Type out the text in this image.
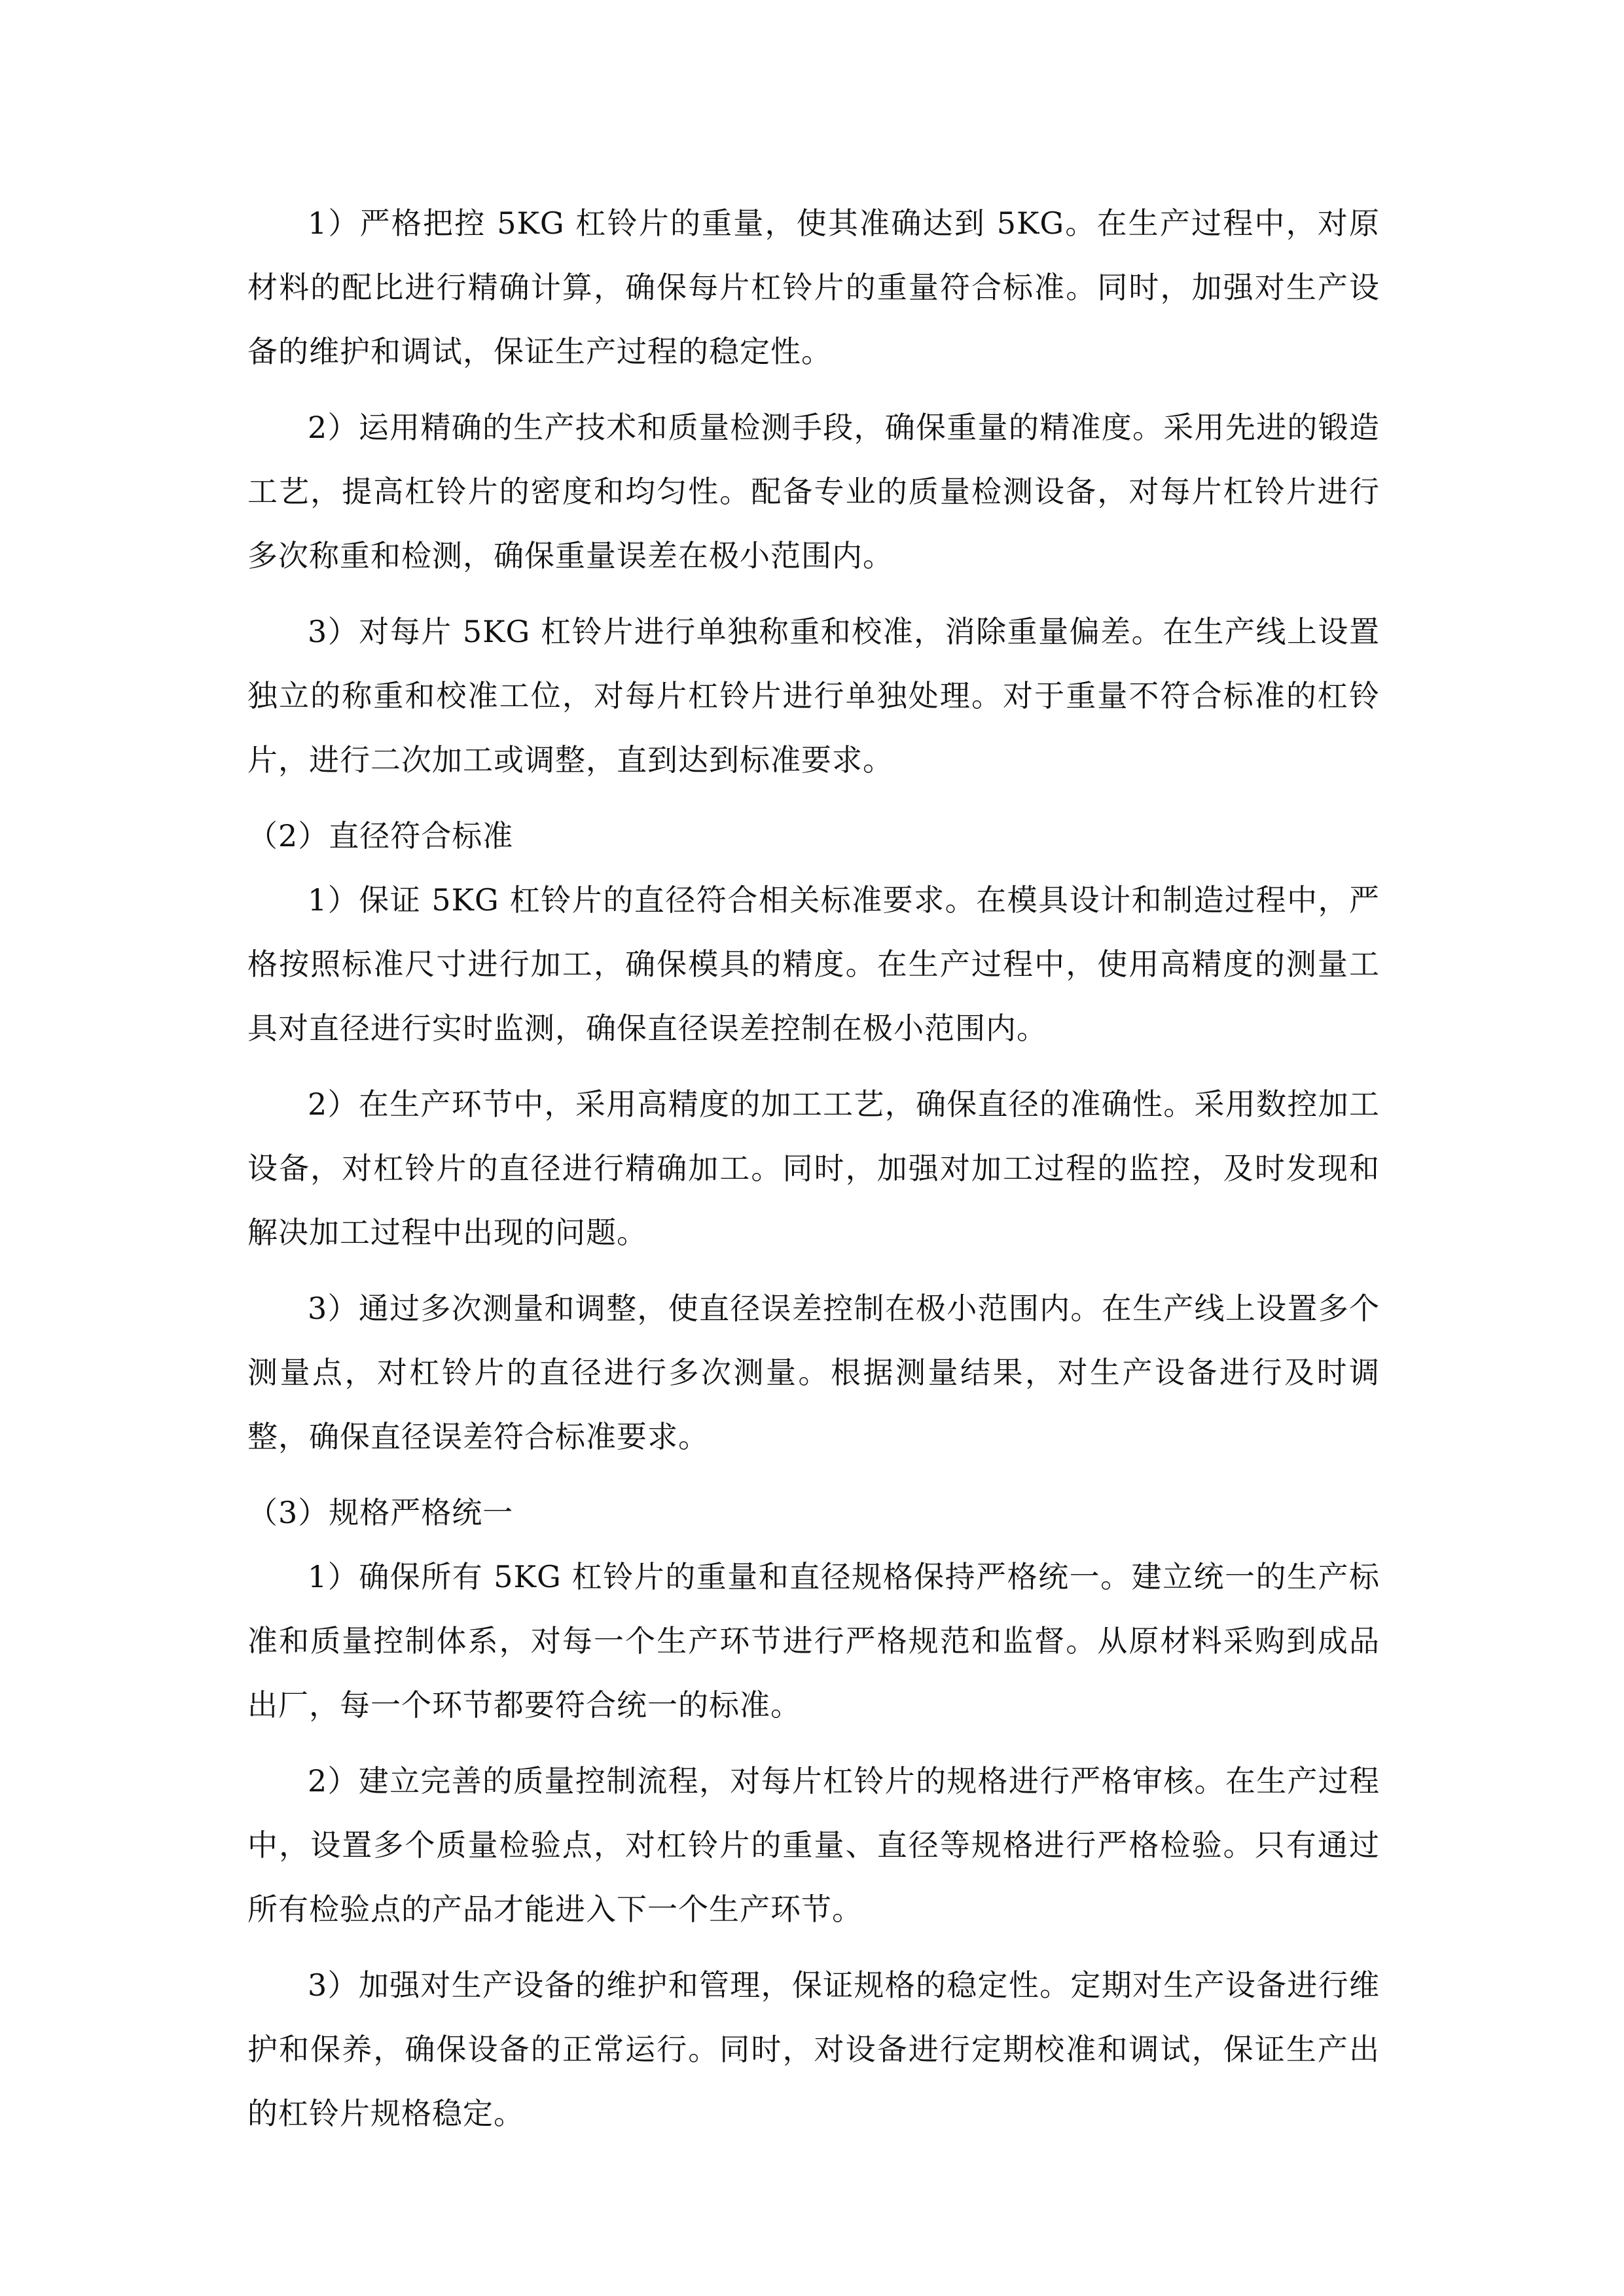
1）严格把控 5KG 杠铃片的重量，使其准确达到 5KG。在生产过程中，对原材料的配比进行精确计算，确保每片杠铃片的重量符合标准。同时，加强对生产设备的维护和调试，保证生产过程的稳定性。

2）运用精确的生产技术和质量检测手段，确保重量的精准度。采用先进的锻造工艺，提高杠铃片的密度和均匀性。配备专业的质量检测设备，对每片杠铃片进行多次称重和检测，确保重量误差在极小范围内。

3）对每片 5KG 杠铃片进行单独称重和校准，消除重量偏差。在生产线上设置独立的称重和校准工位，对每片杠铃片进行单独处理。对于重量不符合标准的杠铃片，进行二次加工或调整，直到达到标准要求。

（2）直径符合标准

1）保证 5KG 杠铃片的直径符合相关标准要求。在模具设计和制造过程中，严格按照标准尺寸进行加工，确保模具的精度。在生产过程中，使用高精度的测量工具对直径进行实时监测，确保直径误差控制在极小范围内。

2）在生产环节中，采用高精度的加工工艺，确保直径的准确性。采用数控加工设备，对杠铃片的直径进行精确加工。同时，加强对加工过程的监控，及时发现和解决加工过程中出现的问题。

3）通过多次测量和调整，使直径误差控制在极小范围内。在生产线上设置多个测量点，对杠铃片的直径进行多次测量。根据测量结果，对生产设备进行及时调整，确保直径误差符合标准要求。

（3）规格严格统一

1）确保所有 5KG 杠铃片的重量和直径规格保持严格统一。建立统一的生产标准和质量控制体系，对每一个生产环节进行严格规范和监督。从原材料采购到成品出厂，每一个环节都要符合统一的标准。

2）建立完善的质量控制流程，对每片杠铃片的规格进行严格审核。在生产过程中，设置多个质量检验点，对杠铃片的重量、直径等规格进行严格检验。只有通过所有检验点的产品才能进入下一个生产环节。

3）加强对生产设备的维护和管理，保证规格的稳定性。定期对生产设备进行维护和保养，确保设备的正常运行。同时，对设备进行定期校准和调试，保证生产出的杠铃片规格稳定。
